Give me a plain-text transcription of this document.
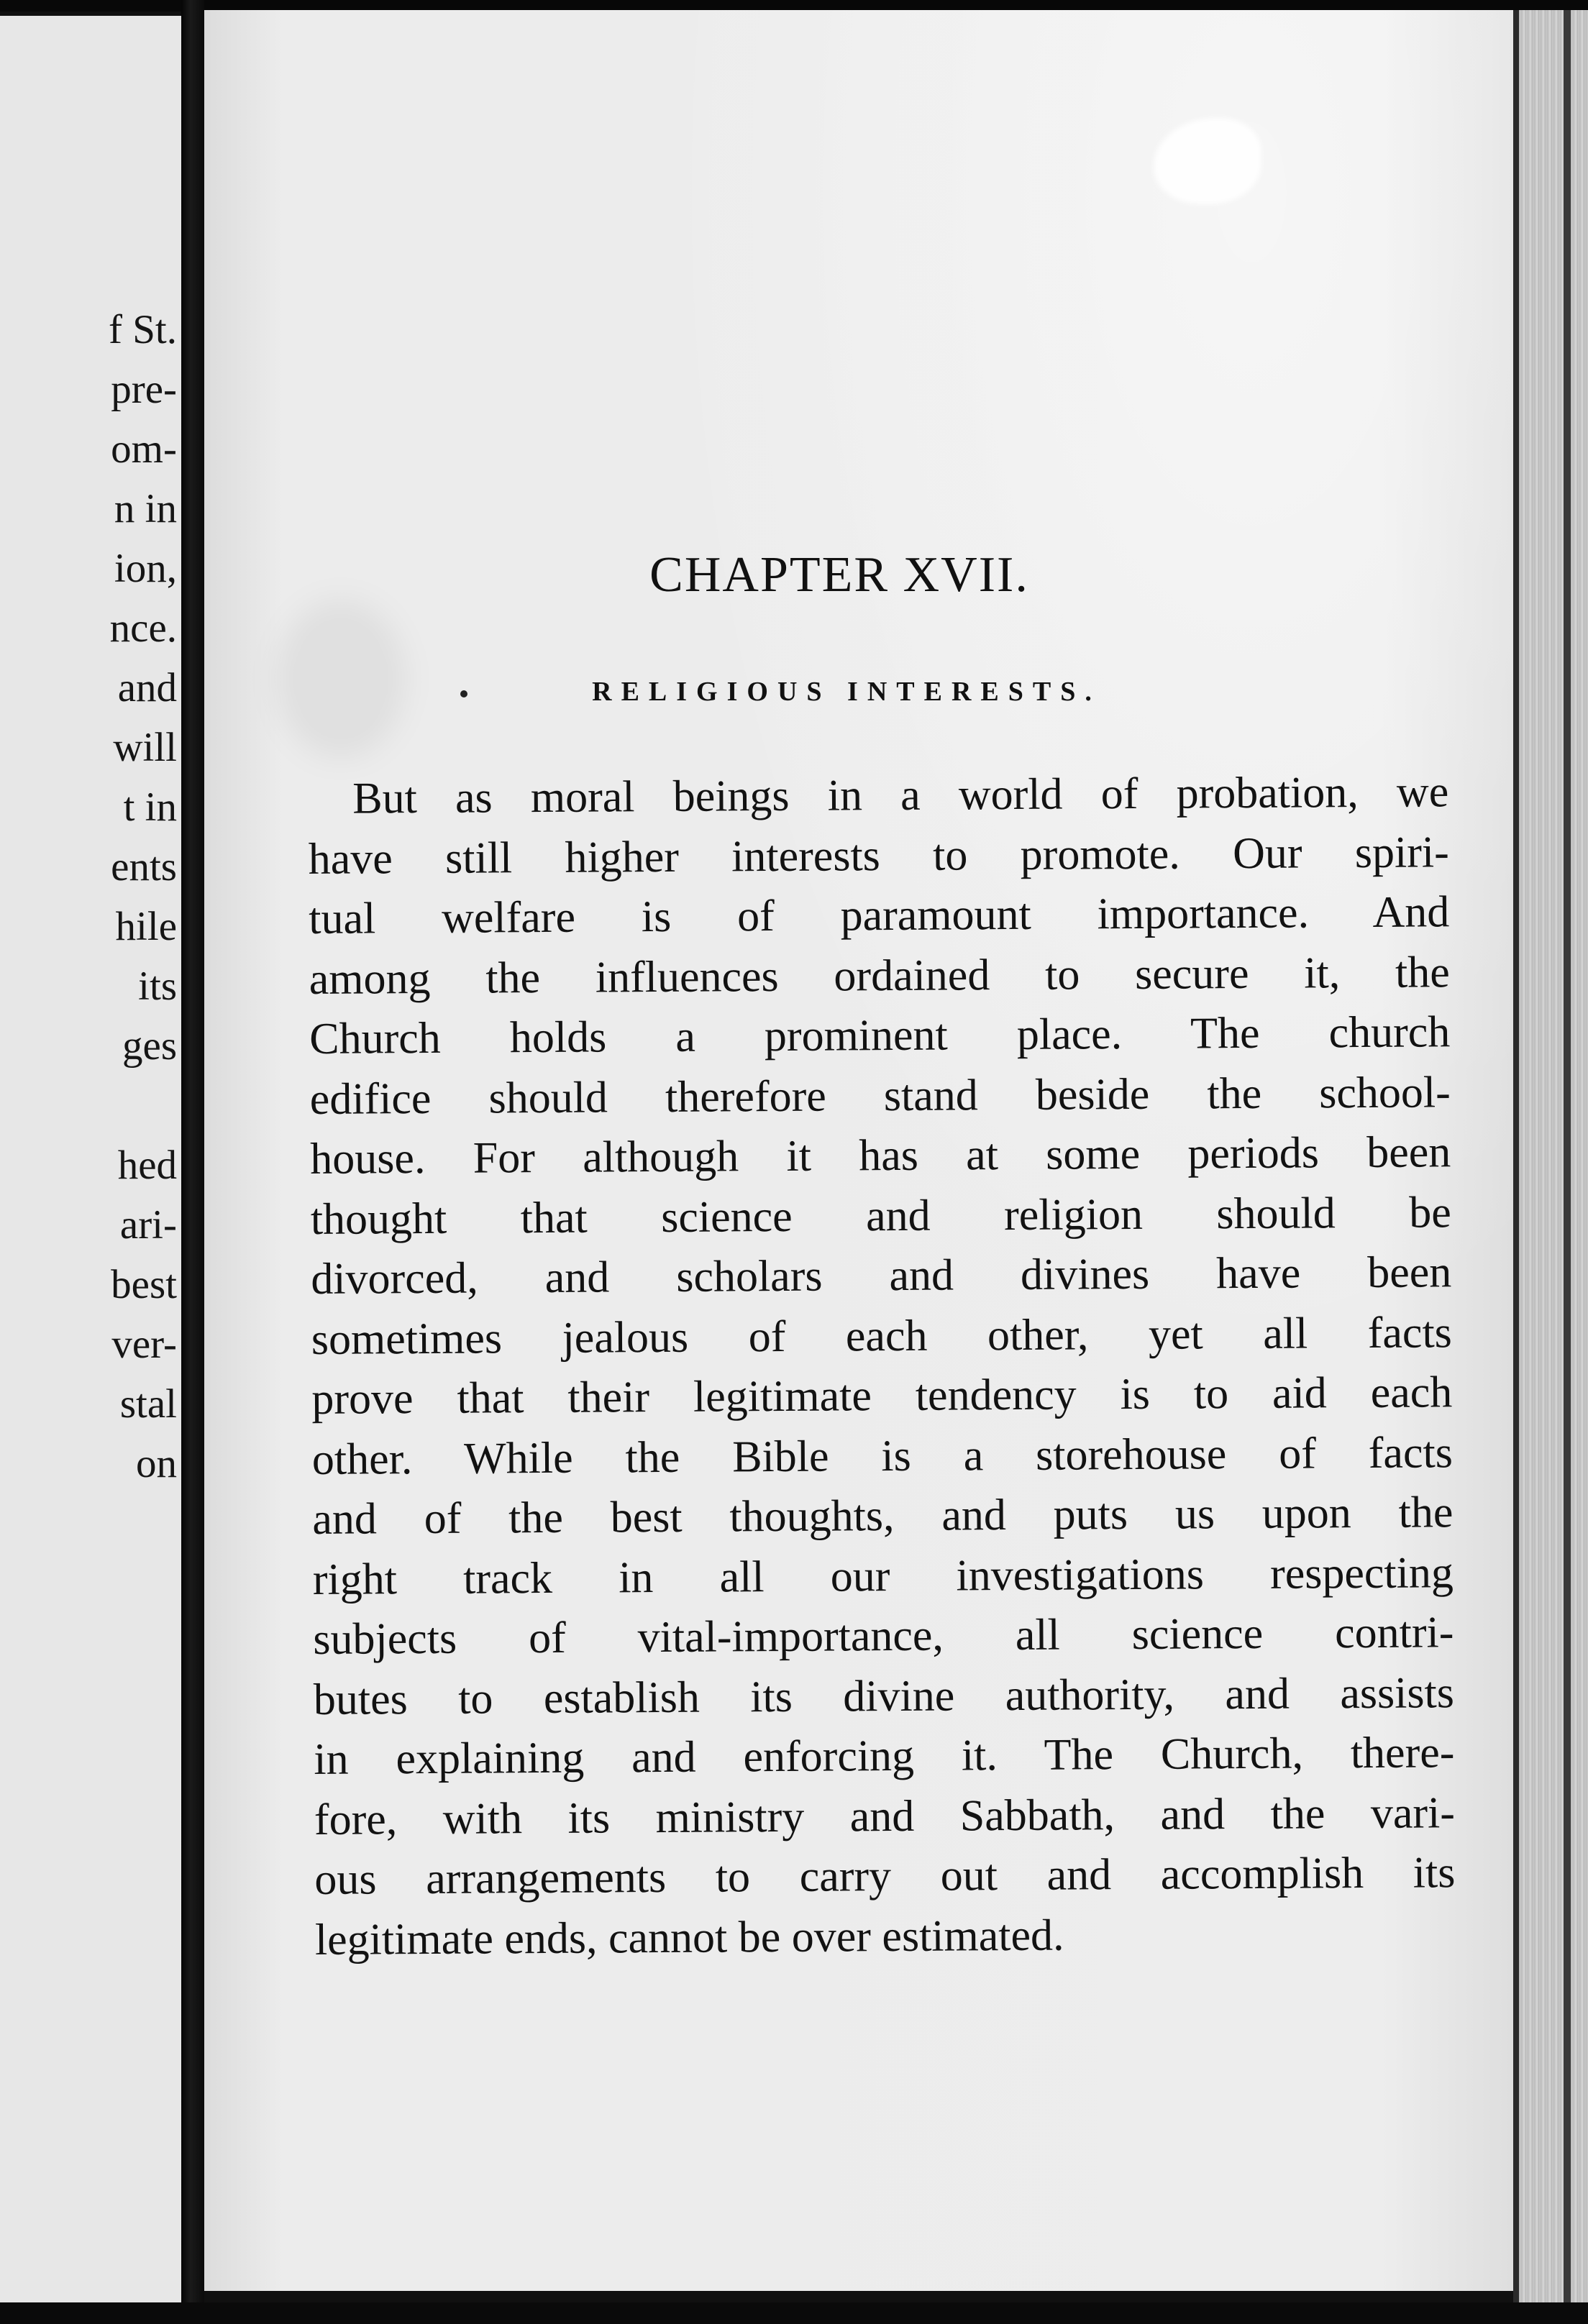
f St.
pre-
om-
n in
ion,
nce.
and
will
t in
ents
hile
its
ges
hed
ari-
best
ver-
stal
on

CHAPTER XVII.
RELIGIOUS INTERESTS.
But as moral beings in a world of probation, we
have still higher interests to promote. Our spiri-
tual welfare is of paramount importance. And
among the influences ordained to secure it, the
Church holds a prominent place. The church
edifice should therefore stand beside the school-
house. For although it has at some periods been
thought that science and religion should be
divorced, and scholars and divines have been
sometimes jealous of each other, yet all facts
prove that their legitimate tendency is to aid each
other. While the Bible is a storehouse of facts
and of the best thoughts, and puts us upon the
right track in all our investigations respecting
subjects of vital-importance, all science contri-
butes to establish its divine authority, and assists
in explaining and enforcing it. The Church, there-
fore, with its ministry and Sabbath, and the vari-
ous arrangements to carry out and accomplish its
legitimate ends, cannot be over estimated.
